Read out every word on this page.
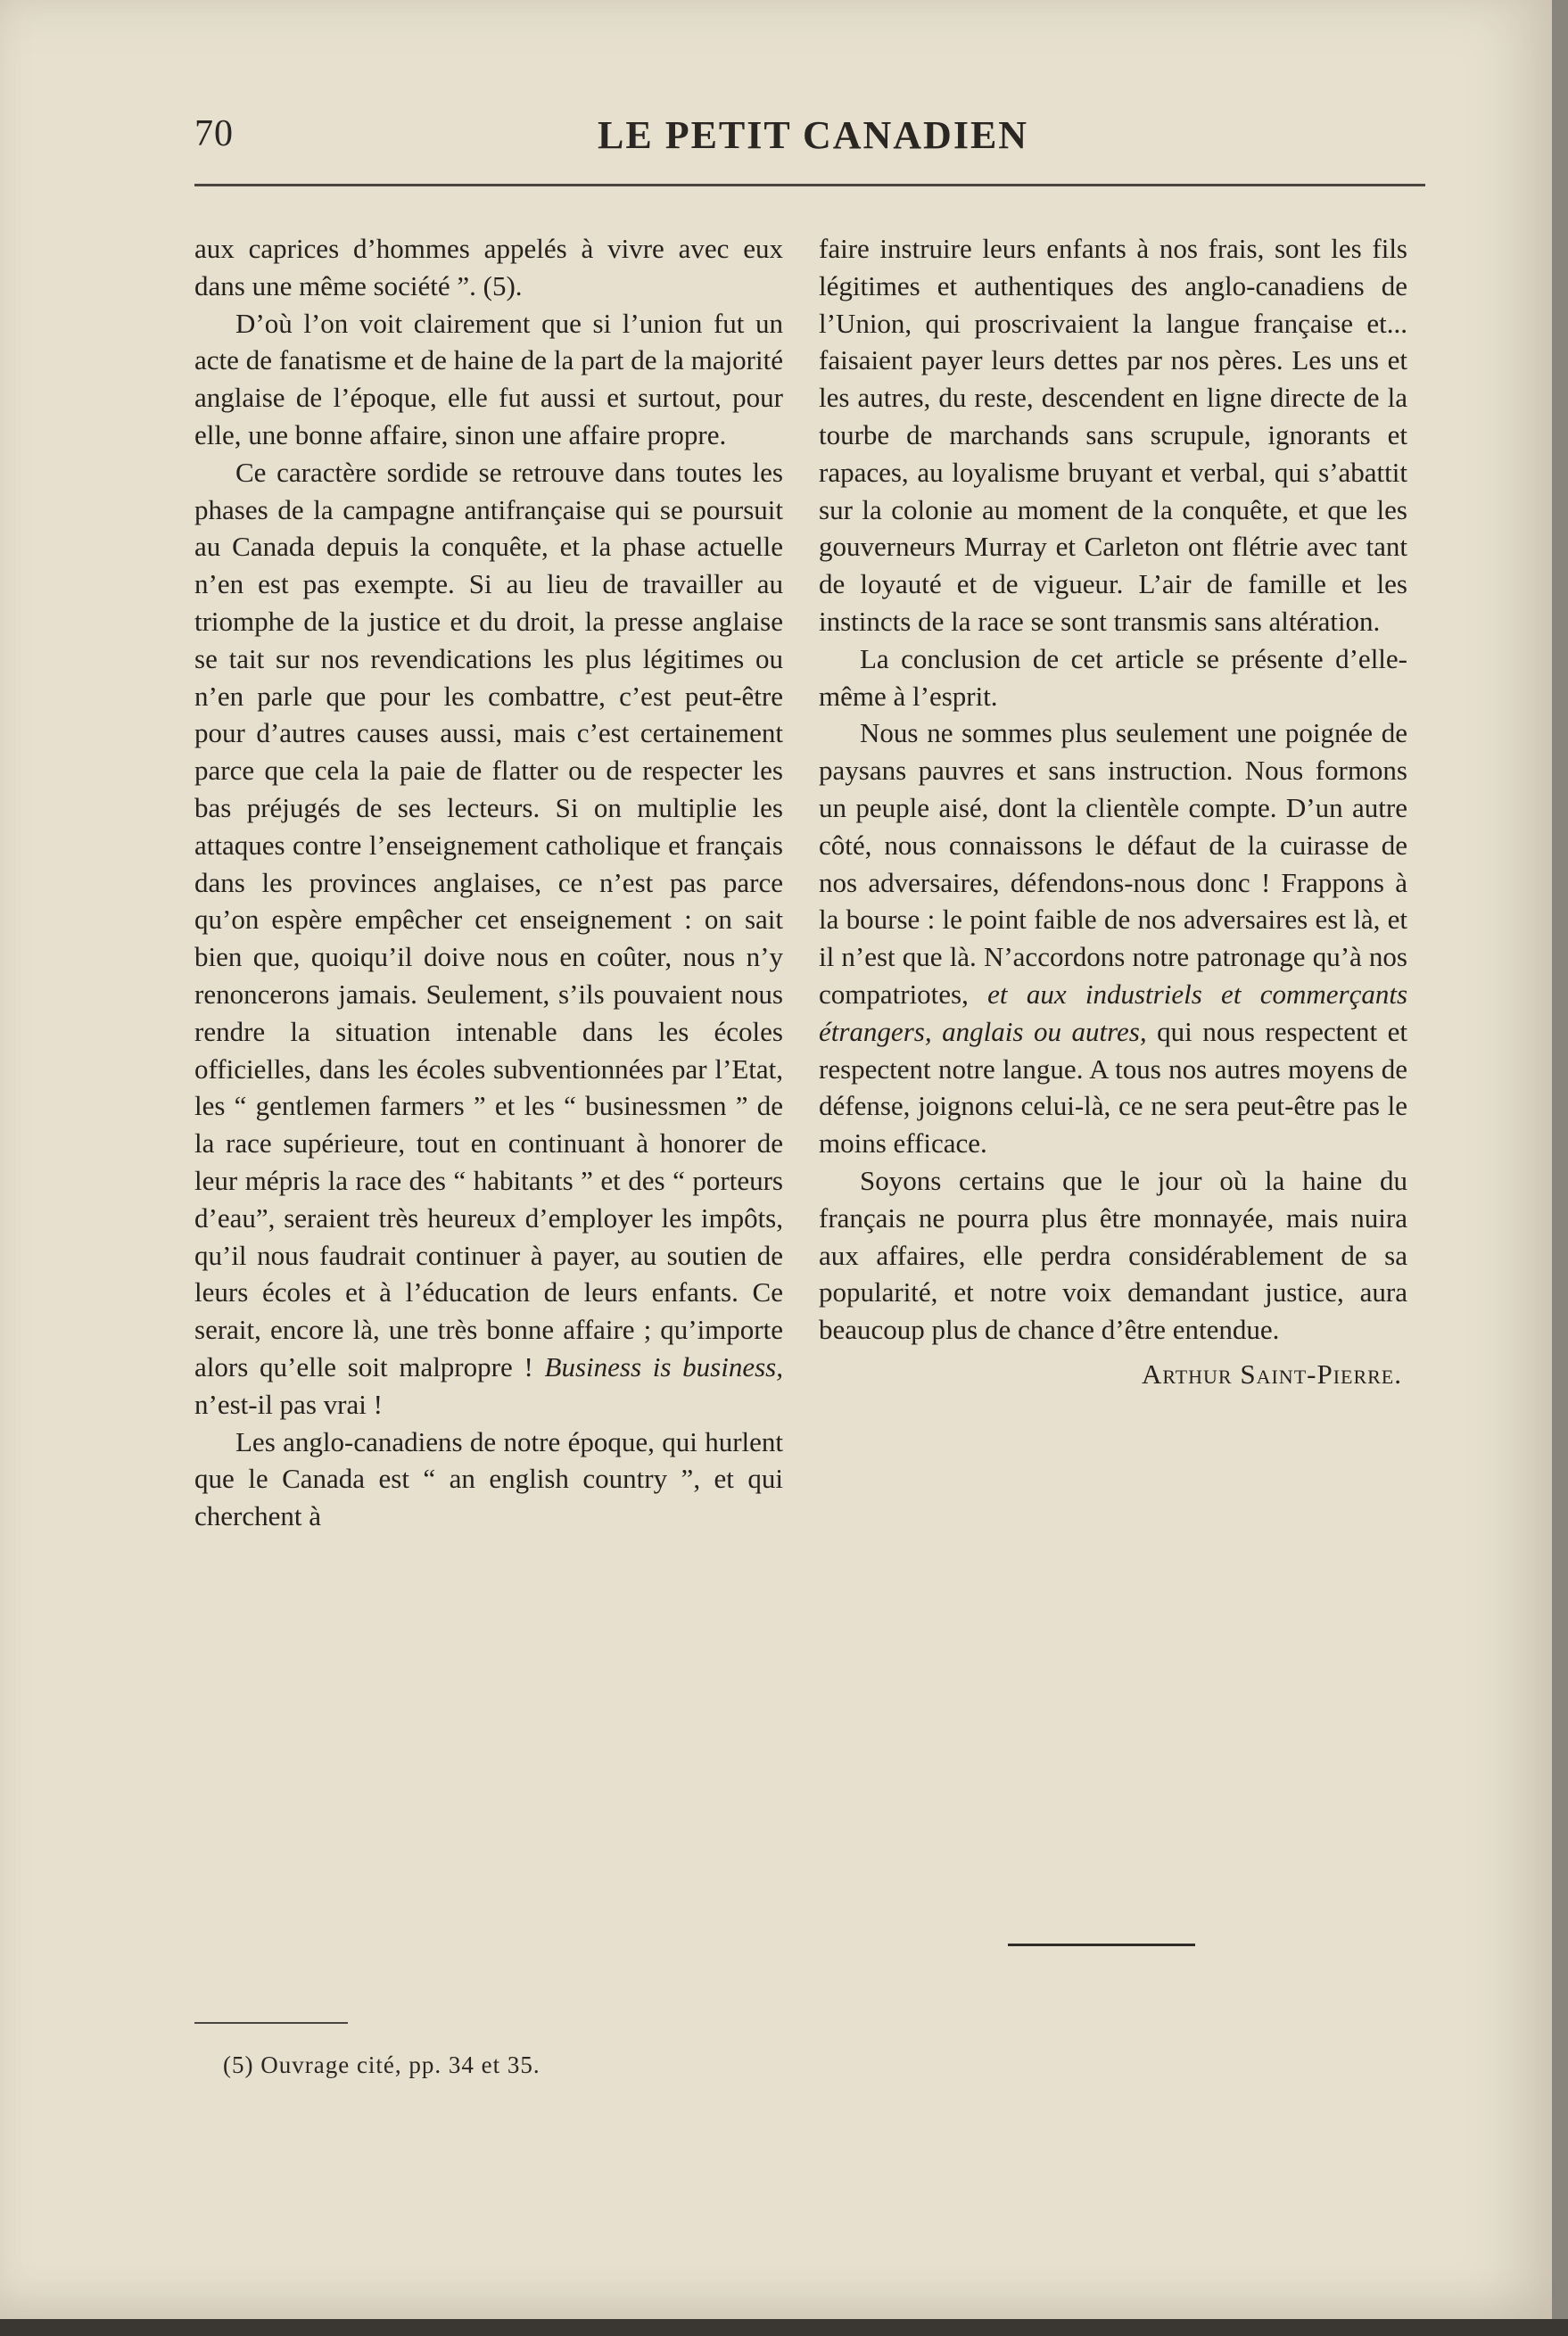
70	LE PETIT CANADIEN

aux caprices d’hommes appelés à vivre avec eux dans une même société ”. (5).

D’où l’on voit clairement que si l’union fut un acte de fanatisme et de haine de la part de la majorité anglaise de l’époque, elle fut aussi et surtout, pour elle, une bonne affaire, sinon une affaire propre.

Ce caractère sordide se retrouve dans toutes les phases de la campagne antifrançaise qui se poursuit au Canada depuis la conquête, et la phase actuelle n’en est pas exempte. Si au lieu de travailler au triomphe de la justice et du droit, la presse anglaise se tait sur nos revendications les plus légitimes ou n’en parle que pour les combattre, c’est peut-être pour d’autres causes aussi, mais c’est certainement parce que cela la paie de flatter ou de respecter les bas préjugés de ses lecteurs. Si on multiplie les attaques contre l’enseignement catholique et français dans les provinces anglaises, ce n’est pas parce qu’on espère empêcher cet enseignement : on sait bien que, quoiqu’il doive nous en coûter, nous n’y renoncerons jamais. Seulement, s’ils pouvaient nous rendre la situation intenable dans les écoles officielles, dans les écoles subventionnées par l’Etat, les “ gentlemen farmers ” et les “ businessmen ” de la race supérieure, tout en continuant à honorer de leur mépris la race des “ habitants ” et des “ porteurs d’eau”, seraient très heureux d’employer les impôts, qu’il nous faudrait continuer à payer, au soutien de leurs écoles et à l’éducation de leurs enfants. Ce serait, encore là, une très bonne affaire ; qu’importe alors qu’elle soit malpropre ! Business is business, n’est-il pas vrai !

Les anglo-canadiens de notre époque, qui hurlent que le Canada est “ an english country ”, et qui cherchent à

(5) Ouvrage cité, pp. 34 et 35.

faire instruire leurs enfants à nos frais, sont les fils légitimes et authentiques des anglo-canadiens de l’Union, qui proscrivaient la langue française et... faisaient payer leurs dettes par nos pères. Les uns et les autres, du reste, descendent en ligne directe de la tourbe de marchands sans scrupule, ignorants et rapaces, au loyalisme bruyant et verbal, qui s’abattit sur la colonie au moment de la conquête, et que les gouverneurs Murray et Carleton ont flétrie avec tant de loyauté et de vigueur. L’air de famille et les instincts de la race se sont transmis sans altération.

La conclusion de cet article se présente d’elle-même à l’esprit.

Nous ne sommes plus seulement une poignée de paysans pauvres et sans instruction. Nous formons un peuple aisé, dont la clientèle compte. D’un autre côté, nous connaissons le défaut de la cuirasse de nos adversaires, défendons-nous donc ! Frappons à la bourse : le point faible de nos adversaires est là, et il n’est que là. N’accordons notre patronage qu’à nos compatriotes, et aux industriels et commerçants étrangers, anglais ou autres, qui nous respectent et respectent notre langue. A tous nos autres moyens de défense, joignons celui-là, ce ne sera peut-être pas le moins efficace.

Soyons certains que le jour où la haine du français ne pourra plus être monnayée, mais nuira aux affaires, elle perdra considérablement de sa popularité, et notre voix demandant justice, aura beaucoup plus de chance d’être entendue.

Arthur Saint-Pierre.
